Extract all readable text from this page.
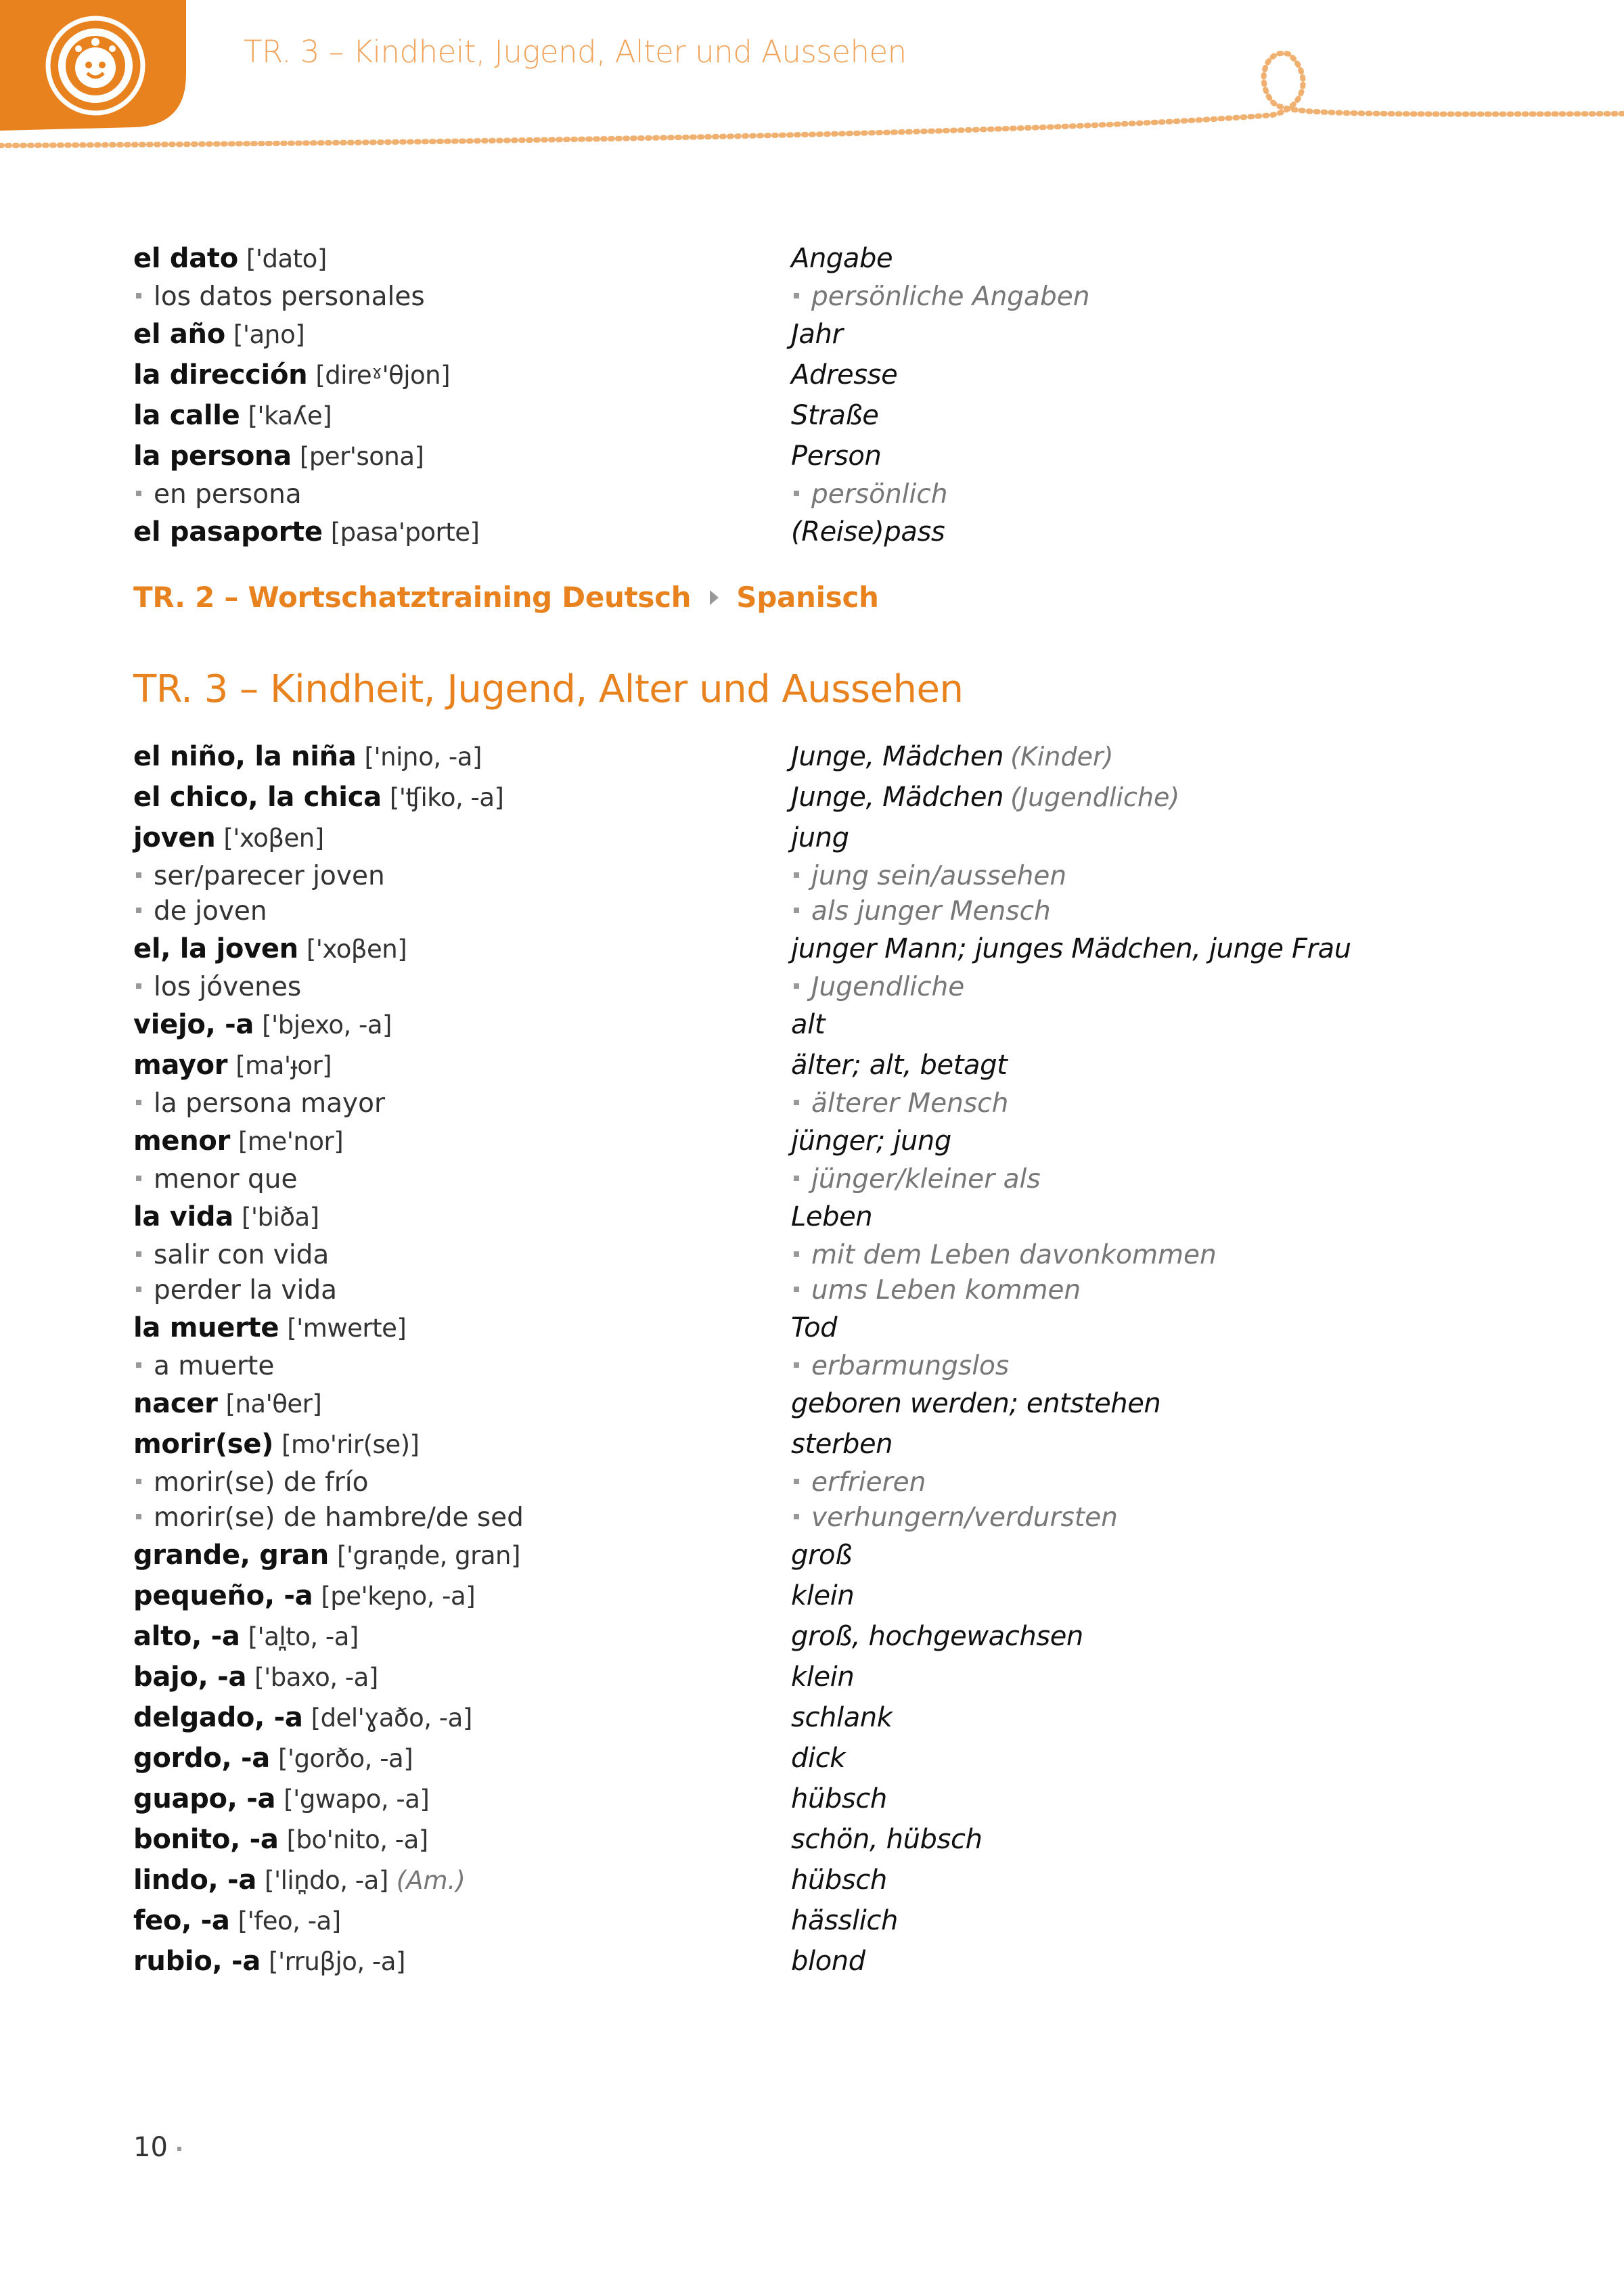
TR. 3 – Kindheit, Jugend, Alter und Aussehen
el dato ['dato]	Angabe
los datos personales	persönliche Angaben
el año ['aɲo]	Jahr
la dirección [direˠ'θjon]	Adresse
la calle ['kaʎe]	Straße
la persona [per'sona]	Person
en persona	persönlich
el pasaporte [pasa'porte]	(Reise)pass
TR. 2 – Wortschatztraining Deutsch Spanisch
TR. 3 – Kindheit, Jugend, Alter und Aussehen
el niño, la niña ['niɲo, -a]	Junge, Mädchen (Kinder)
el chico, la chica ['ʧiko, -a]	Junge, Mädchen (Jugendliche)
joven ['xoβen]	jung
ser/parecer joven	jung sein/aussehen
de joven	als junger Mensch
el, la joven ['xoβen]	junger Mann; junges Mädchen, junge Frau
los jóvenes	Jugendliche
viejo, -a ['bjexo, -a]	alt
mayor [ma'ɟor]	älter; alt, betagt
la persona mayor	älterer Mensch
menor [me'nor]	jünger; jung
menor que	jünger/kleiner als
la vida ['biða]	Leben
salir con vida	mit dem Leben davonkommen
perder la vida	ums Leben kommen
la muerte ['mwerte]	Tod
a muerte	erbarmungslos
nacer [na'θer]	geboren werden; entstehen
morir(se) [mo'rir(se)]	sterben
morir(se) de frío	erfrieren
morir(se) de hambre/de sed	verhungern/verdursten
grande, gran ['gran̪de, gran]	groß
pequeño, -a [pe'keɲo, -a]	klein
alto, -a ['al̪to, -a]	groß, hochgewachsen
bajo, -a ['baxo, -a]	klein
delgado, -a [del'ɣaðo, -a]	schlank
gordo, -a ['gorðo, -a]	dick
guapo, -a ['gwapo, -a]	hübsch
bonito, -a [bo'nito, -a]	schön, hübsch
lindo, -a ['lin̪do, -a] (Am.)	hübsch
feo, -a ['feo, -a]	hässlich
rubio, -a ['rruβjo, -a]	blond
10
